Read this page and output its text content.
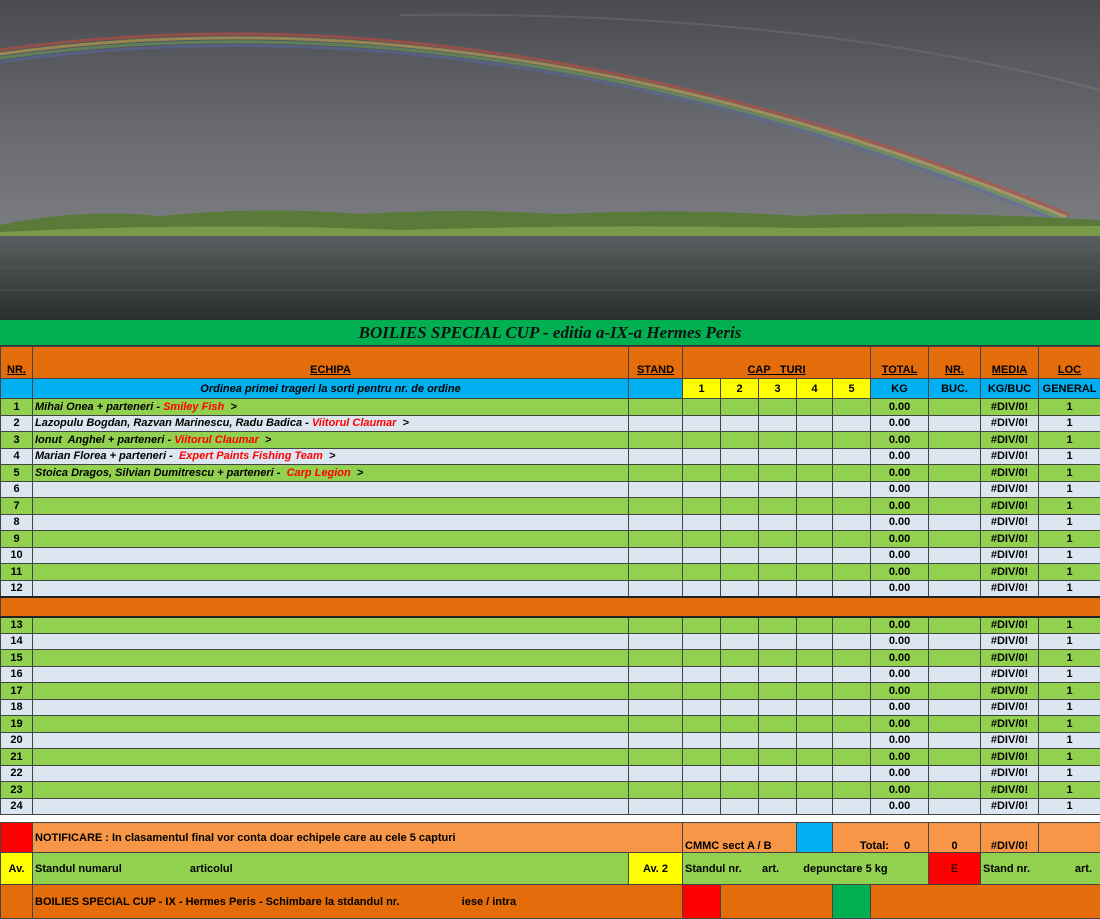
BOILIES SPECIAL CUP - editia a-IX-a Hermes Peris
NR.	ECHIPA	STAND	CAP TURI					TOTAL	NR.	MEDIA	LOC
	Ordinea primei trageri la sorti pentru nr. de ordine		1	2	3	4	5	KG	BUC.	KG/BUC	GENERAL
1	Mihai Onea + parteneri - Smiley Fish  >							0.00		#DIV/0!	1
2	Lazopulu Bogdan, Razvan Marinescu, Radu Badica - Viitorul Claumar  >							0.00		#DIV/0!	1
3	Ionut  Anghel + parteneri - Viitorul Claumar  >							0.00		#DIV/0!	1
4	Marian Florea + parteneri -  Expert Paints Fishing Team  >							0.00		#DIV/0!	1
5	Stoica Dragos, Silvian Dumitrescu + parteneri -  Carp Legion  >							0.00		#DIV/0!	1
6								0.00		#DIV/0!	1
7								0.00		#DIV/0!	1
8								0.00		#DIV/0!	1
9								0.00		#DIV/0!	1
10								0.00		#DIV/0!	1
11								0.00		#DIV/0!	1
12								0.00		#DIV/0!	1

13								0.00		#DIV/0!	1
14								0.00		#DIV/0!	1
15								0.00		#DIV/0!	1
16								0.00		#DIV/0!	1
17								0.00		#DIV/0!	1
18								0.00		#DIV/0!	1
19								0.00		#DIV/0!	1
20								0.00		#DIV/0!	1
21								0.00		#DIV/0!	1
22								0.00		#DIV/0!	1
23								0.00		#DIV/0!	1
24								0.00		#DIV/0!	1
	NOTIFICARE : In clasamentul final vor conta doar echipele care au cele 5 capturi		CMMC sect A / B			Total: 0		0	#DIV/0!	
Av.	Standul numarul articolul	Av. 2	Standul nr. art. depunctare 5 kg					E	Stand nr. art.	

	BOILIES SPECIAL CUP - IX - Hermes Peris - Schimbare la stdandul nr. iese / intra									
